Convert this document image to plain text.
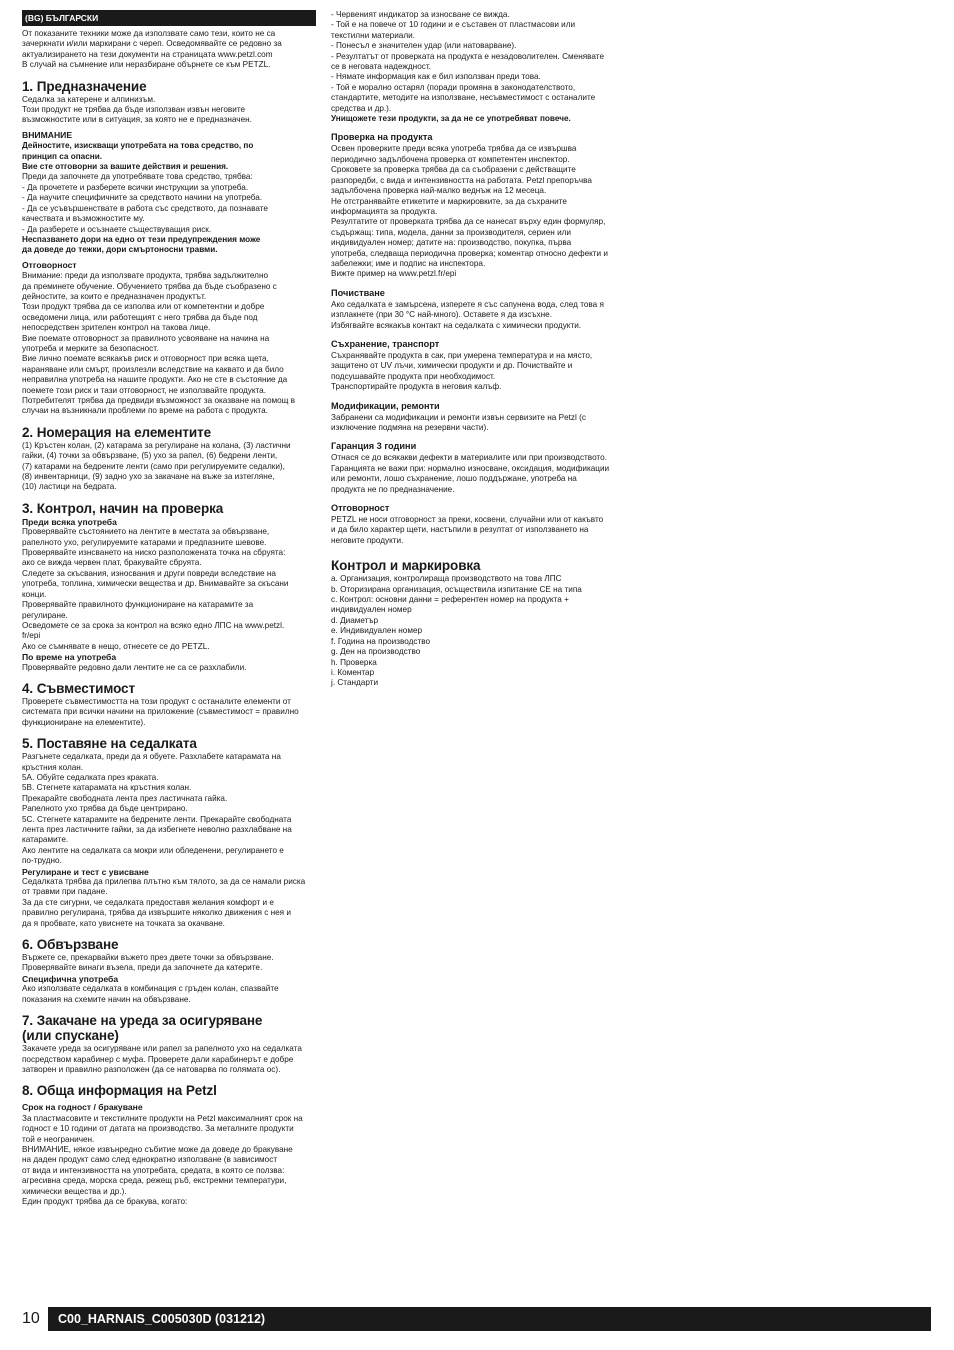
(BG) БЪЛГАРСКИ

От показаните техники може да използвате само тези, които не са
зачеркнати и/или маркирани с череп. Осведомявайте се редовно за
актуализирането на тези документи на страницата www.petzl.com
В случай на съмнение или неразбиране обърнете се към PETZL.

1. Предназначение

Седалка за катерене и алпинизъм.
Този продукт не трябва да бъде използван извън неговите
възможностите или в ситуация, за която не е предназначен.

ВНИМАНИЕ

Дейностите, изискващи употребата на това средство, по
принцип са опасни.
Вие сте отговорни за вашите действия и решения.

Преди да започнете да употребявате това средство, трябва:
- Да прочетете и разберете всички инструкции за употреба.
- Да научите специфичните за средството начини на употреба.
- Да се усъвършенствате в работа със средството, да познавате
качествата и възможностите му.
- Да разберете и осъзнаете съществуващия риск.

Неспазването дори на едно от тези предупреждения може
да доведе до тежки, дори смъртоносни травми.

Отговорност

Внимание: преди да използвате продукта, трябва задължително
да преминете обучение. Обучението трябва да бъде съобразено с
дейностите, за които е предназначен продуктът.
Този продукт трябва да се изполва или от компетентни и добре
осведомени лица, или работещият с него трябва да бъде под
непосредствен зрителен контрол на такова лице.
Вие поемате отговорност за правилното усвояване на начина на
употреба и мерките за безопасност.
Вие лично поемате всякакъв риск и отговорност при всяка щета,
нараняване или смърт, произлезли вследствие на каквато и да било
неправилна употреба на нашите продукти. Ако не сте в състояние да
поемете този риск и тази отговорност, не използвайте продукта.
Потребителят трябва да предвиди възможност за оказване на помощ в
случаи на възникнали проблеми по време на работа с продукта.

2. Номерация на елементите

(1) Кръстен колан, (2) катарама за регулиране на колана, (3) ластични
гайки, (4) точки за обвързване, (5) ухо за рапел, (6) бедрени ленти,
(7) катарами на бедрените ленти (само при регулируемите седалки),
(8) инвентарници, (9) задно ухо за закачане на въже за изтегляне,
(10) ластици на бедрата.

3. Контрол, начин на проверка
Преди всяка употреба

Проверявайте състоянието на лентите в местата за обвързване,
рапелното ухо, регулируемите катарами и предпазните шевове.
Проверявайте изнсването на ниско разположената точка на сбруята:
ако се вижда червен плат, бракувайте сбруята.
Следете за скъсвания, износвания и други повреди вследствие на
употреба, топлина, химически вещества и др. Внимавайте за скъсани
конци.
Проверявайте правилното функциониране на катарамите за
регулиране.
Осведомете се за срока за контрол на всяко едно ЛПС на www.petzl.
fr/epi
Ако се съмнявате в нещо, отнесете се до PETZL.

По време на употреба

Проверявайте редовно дали лентите не са се разхлабили.

4. Съвместимост

Проверете съвместимостта на този продукт с останалите елементи от
системата при всички начини на приложение (съвместимост = правилно
функциониране на елементите).

5. Поставяне на седалката

Разгънете седалката, преди да я обуете. Разхлабете катарамата на
кръстния колан.
5A. Обуйте седалката през краката.
5B. Стегнете катарамата на кръстния колан.
Прекарайте свободната лента през ластичната гайка.
Рапелното ухо трябва да бъде центрирано.
5C. Стегнете катарамите на бедрените ленти. Прекарайте свободната
лента през ластичните гайки, за да избегнете неволно разхлабване на
катарамите.
Ако лентите на седалката са мокри или обледенени, регулирането е
по-трудно.

Регулиране и тест с увисване

Седалката трябва да прилепва плътно към тялото, за да се намали риска
от травми при падане.
За да сте сигурни, че седалката предоставя желания комфорт и е
правилно регулирана, трябва да извършите няколко движения с нея и
да я пробвате, като увиснете на точката за окачване.

6. Обвързване

Вържете се, прекарвайки въжето през двете точки за обвързване.
Проверявайте винаги възела, преди да започнете да катерите.

Специфична употреба

Ако използвате седалката в комбинация с гръден колан, спазвайте
показания на схемите начин на обвързване.

7. Закачане на уреда за осигуряване
(или спускане)

Закачете уреда за осигуряване или рапел за рапелното ухо на седалката
посредством карабинер с муфа. Проверете дали карабинерът е добре
затворен и правилно разположен (да се натоварва по голямата ос).

8. Обща информация на Petzl
Срок на годност / бракуване

За пластмасовите и текстилните продукти на Petzl максималният срок на
годност е 10 години от датата на производство. За металните продукти
той е неограничен.
ВНИМАНИЕ, някое извънредно събитие може да доведе до бракуване
на даден продукт само след еднократно използване (в зависимост
от вида и интензивността на употребата, средата, в която се ползва:
агресивна среда, морска среда, режещ ръб, екстремни температури,
химически вещества и др.).
Един продукт трябва да се бракува, когато:

- Червеният индикатор за износване се вижда.
- Той е на повече от 10 години и е съставен от пластмасови или
текстилни материали.
- Понесъл е значителен удар (или натоварване).
- Резултатът от проверката на продукта е незадоволителен. Сменявате
се в неговата надеждност.
- Нямате информация как е бил използван преди това.
- Той е морално остарял (поради промяна в законодателството,
стандартите, методите на използване, несъвместимост с останалите
средства и др.).

Унищожете тези продукти, за да не се употребяват повече.

Проверка на продукта

Освен проверките преди всяка употреба трябва да се извършва
периодично задълбочена проверка от компетентен инспектор.
Сроковете за проверка трябва да са съобразени с действащите
разпоредби, с вида и интензивността на работата. Petzl препоръчва
задълбочена проверка най-малко веднъж на 12 месеца.
Не отстранявайте етикетите и маркировките, за да съхраните
информацията за продукта.
Резултатите от проверката трябва да се нанесат върху един формуляр,
съдържащ: типа, модела, данни за производителя, сериен или
индивидуален номер; датите на: производство, покупка, първа
употреба, следваща периодична проверка; коментар относно дефекти и
забележки; име и подпис на инспектора.
Вижте пример на www.petzl.fr/epi

Почистване

Ако седалката е замърсена, изперете я със сапунена вода, след това я
изплакнете (при 30 °C най-много). Оставете я да изсъхне.
Избягвайте всякакъв контакт на седалката с химически продукти.

Съхранение, транспорт

Съхранявайте продукта в сак, при умерена температура и на място,
защитено от UV лъчи, химически продукти и др. Почиствайте и
подсушавайте продукта при необходимост.
Транспортирайте продукта в неговия калъф.

Модификации, ремонти

Забранени са модификации и ремонти извън сервизите на Petzl (с
изключение подмяна на резервни части).

Гаранция 3 години

Отнася се до всякакви дефекти в материалите или при производството.
Гаранцията не важи при: нормално износване, оксидация, модификации
или ремонти, лошо съхранение, лошо поддържане, употреба на
продукта не по предназначение.

Отговорност

PETZL не носи отговорност за преки, косвени, случайни или от какъвто
и да било характер щети, настъпили в резултат от използването на
неговите продукти.

Контрол и маркировка

a. Организация, контролираща производството на това ЛПС
b. Оторизирана организация, осъществила изпитание CE на типа
c. Контрол: основни данни = референтен номер на продукта +
индивидуален номер
d. Диаметър
e. Индивидуален номер
f. Година на производство
g. Ден на производство
h. Проверка
i. Коментар
j. Стандарти

10	C00_HARNAIS_C005030D (031212)
